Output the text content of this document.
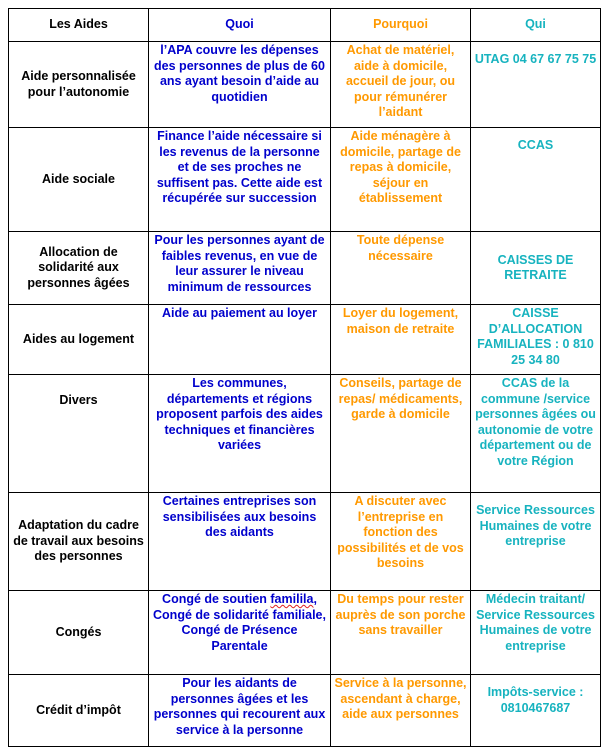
Les Aides	Quoi	Pourquoi	Qui
Aide personnalisée pour l’autonomie	l’APA couvre les dépenses des personnes de plus de 60 ans ayant besoin d’aide au quotidien	Achat de matériel, aide à domicile, accueil de jour, ou pour rémunérer l’aidant	UTAG 04 67 67 75 75
Aide sociale	Finance l’aide nécessaire si les revenus de la personne et de ses proches ne suffisent pas. Cette aide est récupérée sur succession	Aide ménagère à domicile, partage de repas à domicile, séjour en établissement	CCAS
Allocation de solidarité aux personnes âgées	Pour les personnes ayant de faibles revenus, en vue de leur assurer le niveau minimum de ressources	Toute dépense nécessaire	CAISSES DE RETRAITE
Aides au logement	Aide au paiement au loyer	Loyer du logement, maison de retraite	CAISSE D’ALLOCATION FAMILIALES : 0 810 25 34 80
Divers	Les communes, départements et régions proposent parfois des aides techniques et financières variées	Conseils, partage de repas/ médicaments, garde à domicile	CCAS de la commune /service personnes âgées ou autonomie de votre département ou de votre Région
Adaptation du cadre de travail aux besoins des personnes	Certaines entreprises son sensibilisées aux besoins des aidants	A discuter avec l’entreprise en fonction des possibilités et de vos besoins	Service Ressources Humaines de votre entreprise
Congés	Congé de soutien familila, Congé de solidarité familiale, Congé de Présence Parentale	Du temps pour rester auprès de son porche sans travailler	Médecin traitant/ Service Ressources Humaines de votre entreprise
Crédit d’impôt	Pour les aidants de personnes âgées et les personnes qui recourent aux service à la personne	Service à la personne, ascendant à charge, aide aux personnes	Impôts-service : 0810467687
